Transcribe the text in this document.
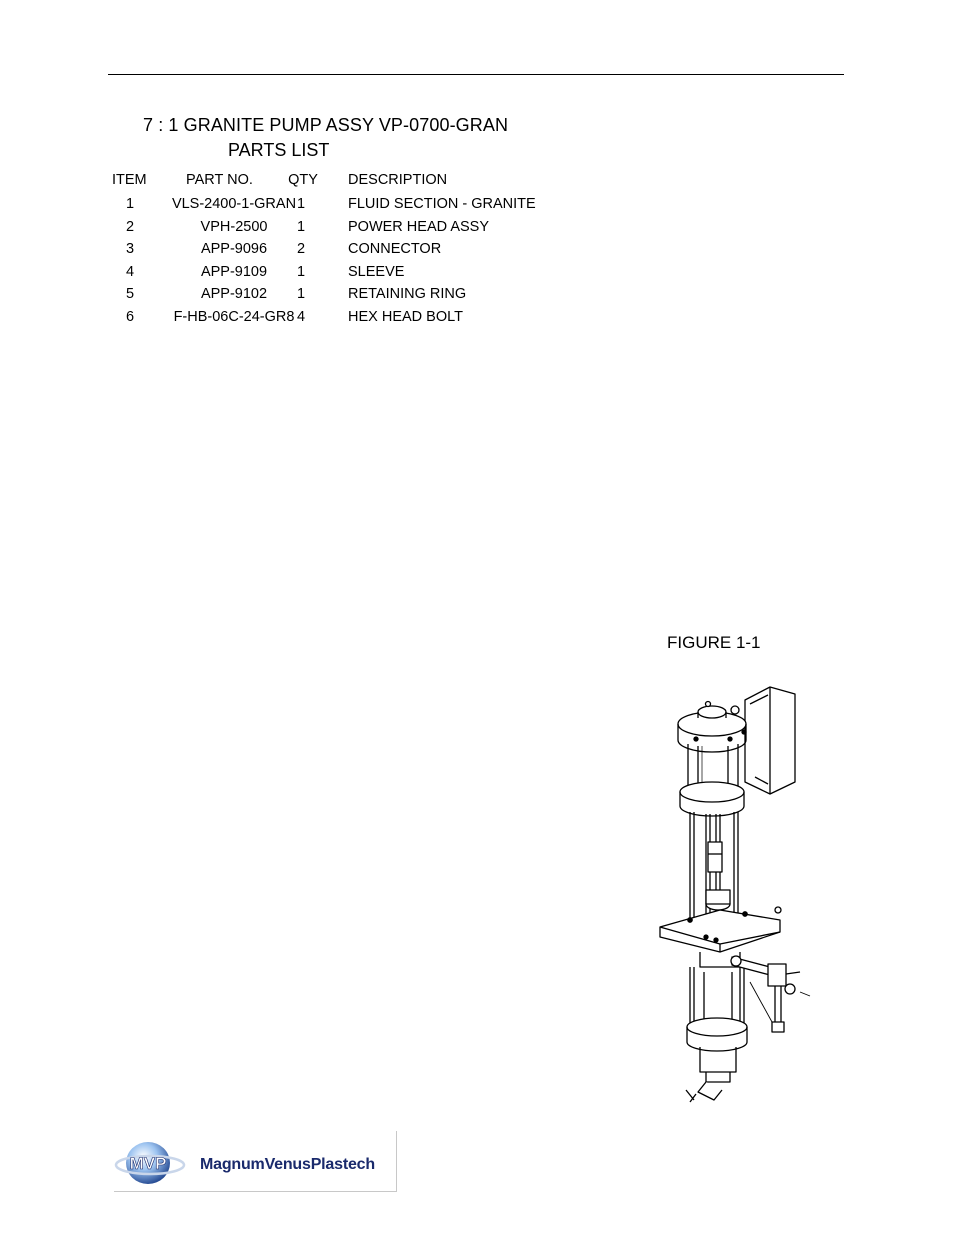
7 : 1 GRANITE PUMP ASSY VP-0700-GRAN
PARTS LIST
ITEM	PART NO.	QTY DESCRIPTION
1	VLS-2400-1-GRAN 1	FLUID SECTION - GRANITE
2	VPH-2500	1	POWER HEAD ASSY
3	APP-9096	2	CONNECTOR
4	APP-9109	1	SLEEVE
5	APP-9102	1	RETAINING RING
6	F-HB-06C-24-GR8 4	HEX HEAD BOLT
FIGURE 1-1
MVP MagnumVenusPlastech
